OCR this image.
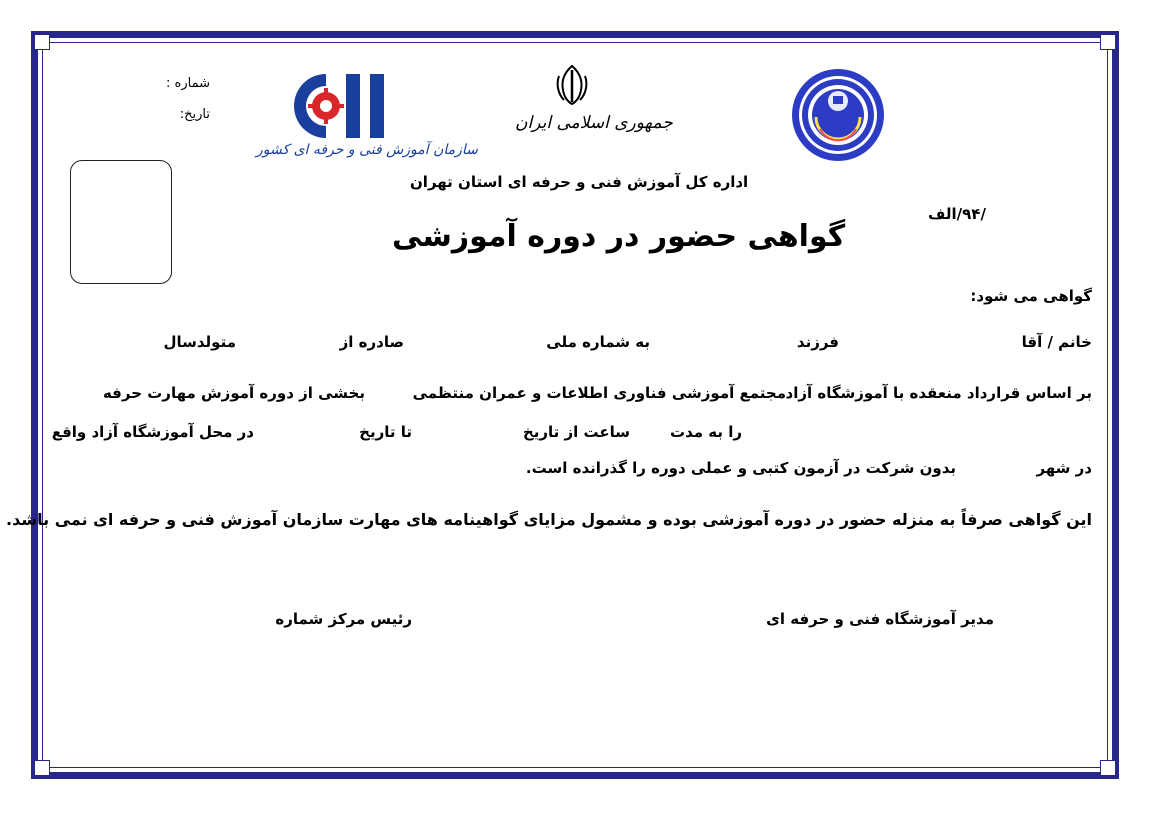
شماره :
تاریخ:
سازمان آموزش فنی و حرفه ای کشور
جمهوری اسلامی ایران
اداره کل آموزش فنی و حرفه ای استان تهران
/۹۴/الف
گواهی حضور در دوره آموزشی
گواهی می شود:
خانم / آقا
فرزند
به شماره ملی
صادره از
متولدسال
بر اساس قرارداد منعقده با آموزشگاه آزاد
مجتمع آموزشی فناوری اطلاعات و عمران منتظمی
بخشی از دوره آموزش مهارت حرفه
را به مدت
ساعت از تاریخ
تا تاریخ
در محل آموزشگاه آزاد واقع
در شهر
بدون شرکت در آزمون کتبی و عملی دوره را گذرانده است.
این گواهی صرفاً به منزله حضور در دوره آموزشی بوده و مشمول مزایای گواهینامه های مهارت سازمان آموزش فنی و حرفه ای نمی باشد.
مدیر آموزشگاه فنی و حرفه ای
رئیس مرکز شماره
